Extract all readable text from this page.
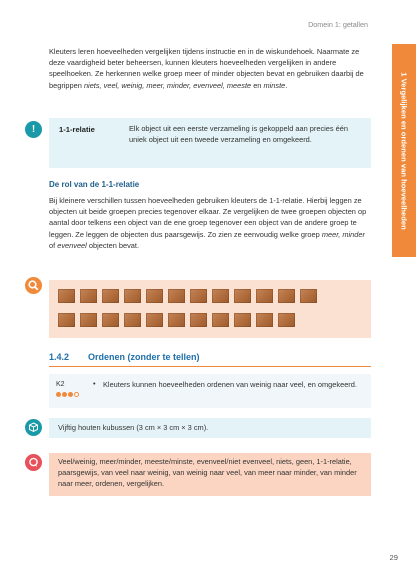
Domein 1: getallen
1 Vergelijken en ordenen van hoeveelheden

Kleuters leren hoeveelheden vergelijken tijdens instructie en in de wiskundehoek. Naarmate ze deze vaardigheid beter beheersen, kunnen kleuters hoeveelheden vergelijken in andere speelhoeken. Ze herkennen welke groep meer of minder objecten bevat en gebruiken daarbij de begrippen niets, veel, weinig, meer, minder, evenveel, meeste en minste.

!	1-1-relatie	Elk object uit een eerste verzameling is gekoppeld aan precies één uniek object uit een tweede verzameling en omgekeerd.
De rol van de 1-1-relatie

Bij kleinere verschillen tussen hoeveelheden gebruiken kleuters de 1-1-relatie. Hierbij leggen ze objecten uit beide groepen precies tegenover elkaar. Ze vergelijken de twee groepen objecten op aantal door telkens een object van de ene groep tegenover een object van de andere groep te leggen. Ze leggen de objecten dus paarsgewijs. Zo zien ze eenvoudig welke groep meer, minder of evenveel objecten bevat.

1.4.2 Ordenen (zonder te tellen)
K2	• Kleuters kunnen hoeveelheden ordenen van weinig naar veel, en omgekeerd.
Vijftig houten kubussen (3 cm × 3 cm × 3 cm).
Veel/weinig, meer/minder, meeste/minste, evenveel/niet evenveel, niets, geen, 1-1-relatie, paarsgewijs, van veel naar weinig, van weinig naar veel, van meer naar minder, van minder naar meer, ordenen, vergelijken.
29
